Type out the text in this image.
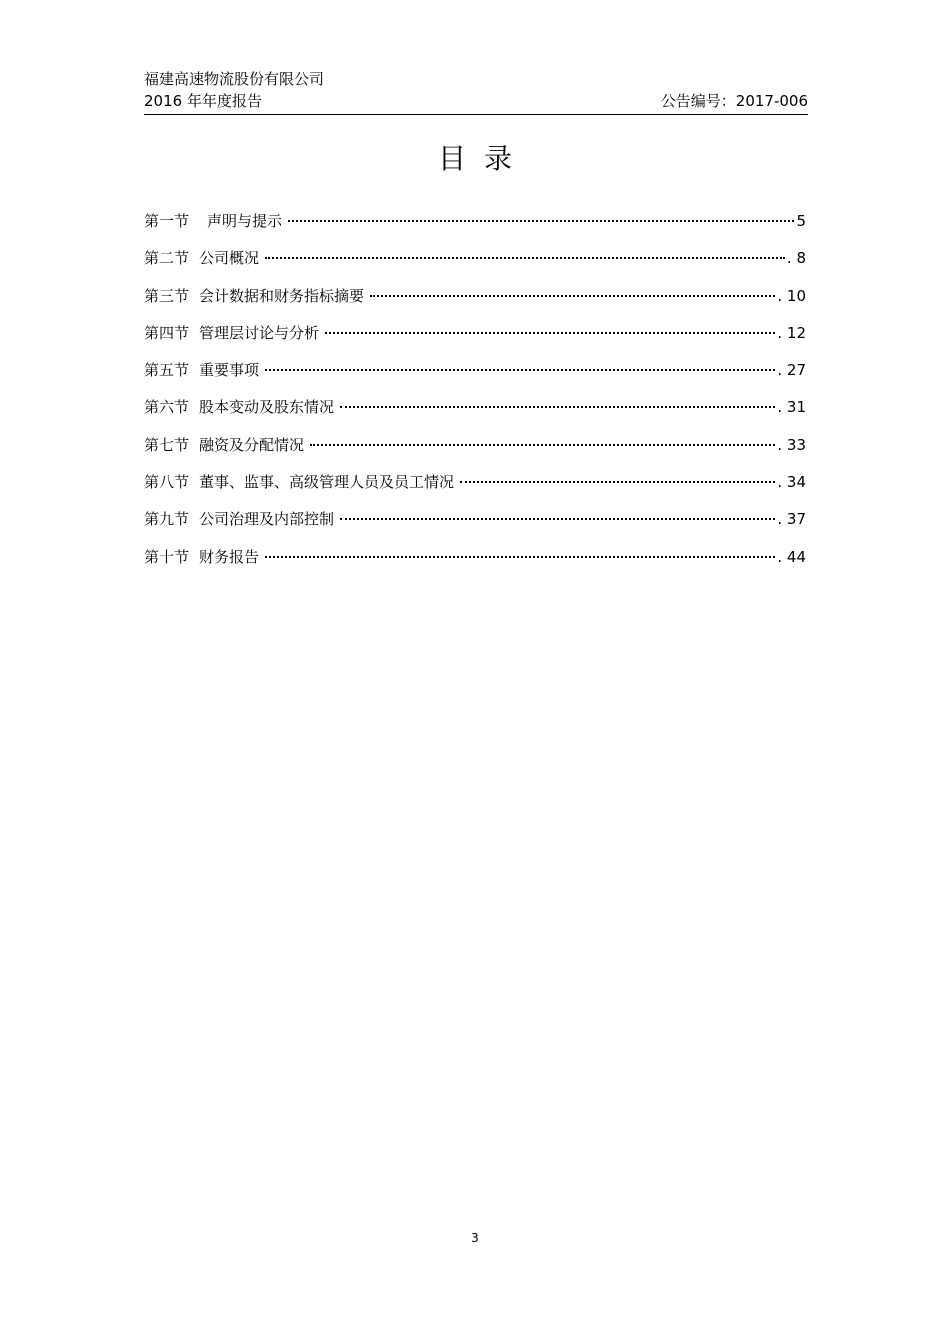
福建高速物流股份有限公司
2016 年年度报告	公告编号：2017-006
目录
第一节 声明与提示	5
第二节 公司概况	. 8
第三节 会计数据和财务指标摘要	. 10
第四节 管理层讨论与分析	. 12
第五节 重要事项	. 27
第六节 股本变动及股东情况	. 31
第七节 融资及分配情况	. 33
第八节 董事、监事、高级管理人员及员工情况	. 34
第九节 公司治理及内部控制	. 37
第十节 财务报告	. 44
3
